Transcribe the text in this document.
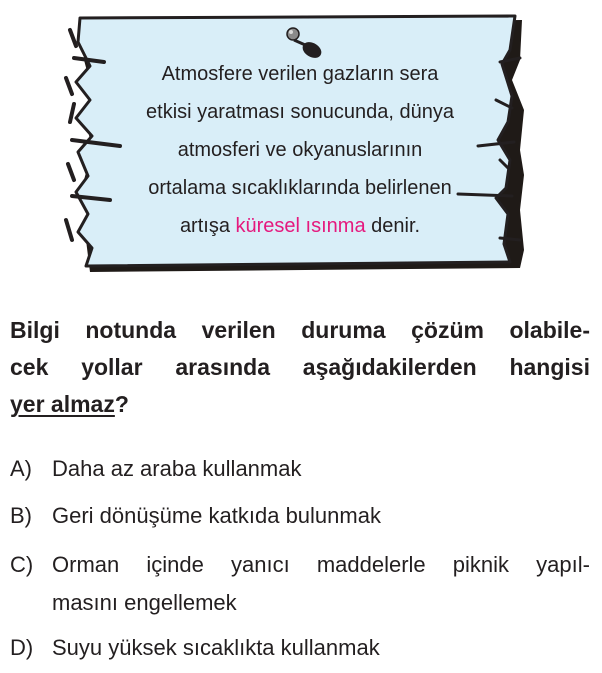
Atmosfere verilen gazların sera
etkisi yaratması sonucunda, dünya
atmosferi ve okyanuslarının
ortalama sıcaklıklarında belirlenen
artışa küresel ısınma denir.
Bilgi notunda verilen duruma çözüm olabile-
cek yollar arasında aşağıdakilerden hangisi
yer almaz ?
A) Daha az araba kullanmak
B) Geri dönüşüme katkıda bulunmak
C) Orman içinde yanıcı maddelerle piknik yapıl-
masını engellemek
D) Suyu yüksek sıcaklıkta kullanmak
